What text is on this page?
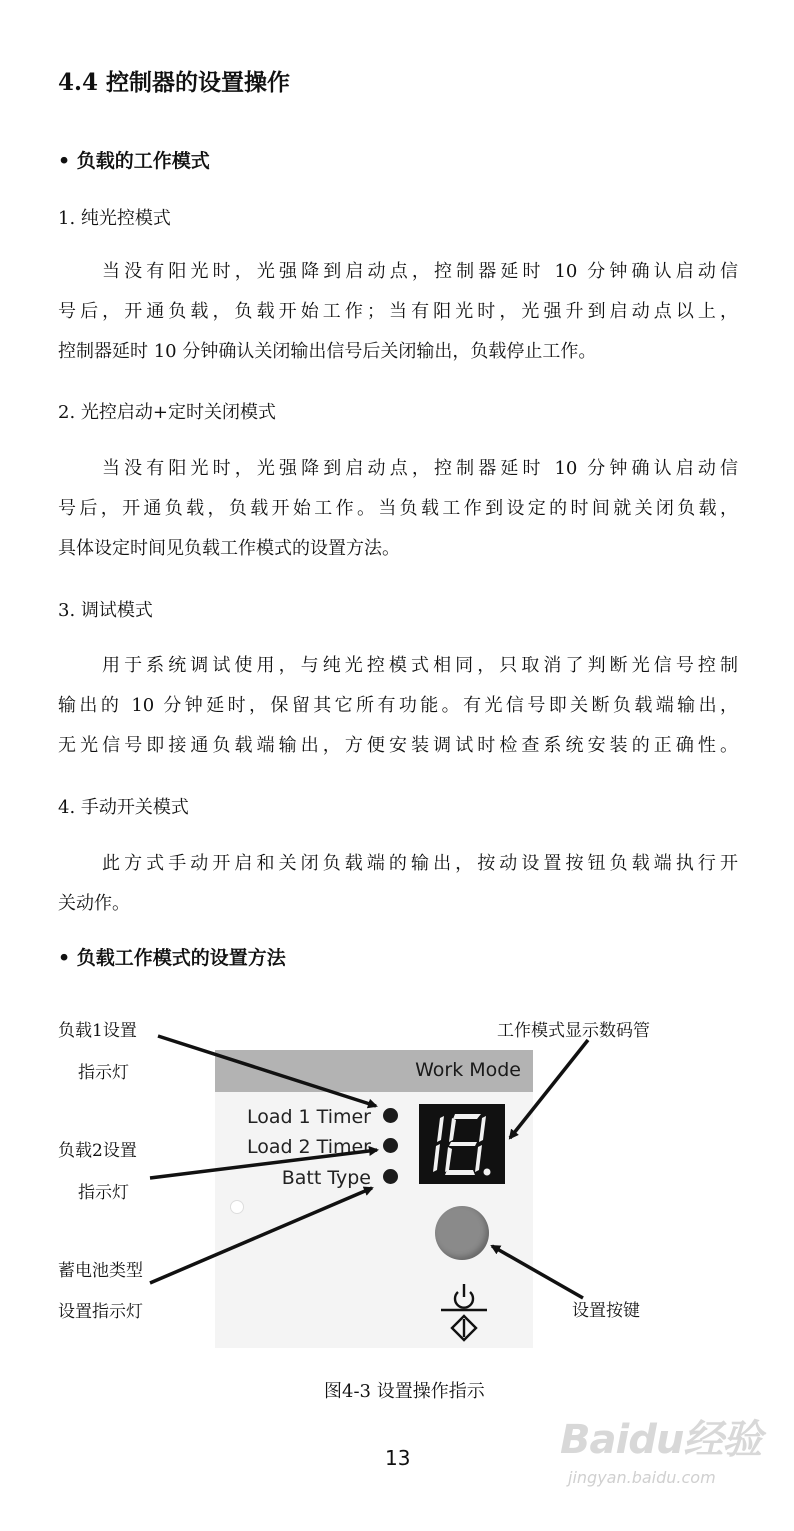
4.4 控制器的设置操作
• 负载的工作模式
1. 纯光控模式
当没有阳光时，光强降到启动点，控制器延时 10 分钟确认启动信
号后，开通负载，负载开始工作；当有阳光时，光强升到启动点以上，
控制器延时 10 分钟确认关闭输出信号后关闭输出，负载停止工作。
2. 光控启动+定时关闭模式
当没有阳光时，光强降到启动点，控制器延时 10 分钟确认启动信
号后，开通负载，负载开始工作。当负载工作到设定的时间就关闭负载，
具体设定时间见负载工作模式的设置方法。
3. 调试模式
用于系统调试使用，与纯光控模式相同，只取消了判断光信号控制
输出的 10 分钟延时，保留其它所有功能。有光信号即关断负载端输出，
无光信号即接通负载端输出，方便安装调试时检查系统安装的正确性。
4. 手动开关模式
此方式手动开启和关闭负载端的输出，按动设置按钮负载端执行开
关动作。
• 负载工作模式的设置方法
Work Mode
Load 1 Timer
Load 2 Timer
Batt Type
负载1设置
指示灯
负载2设置
指示灯
蓄电池类型
设置指示灯
工作模式显示数码管
设置按键
图4-3 设置操作指示
13	Baidu经验
jingyan.baidu.com
